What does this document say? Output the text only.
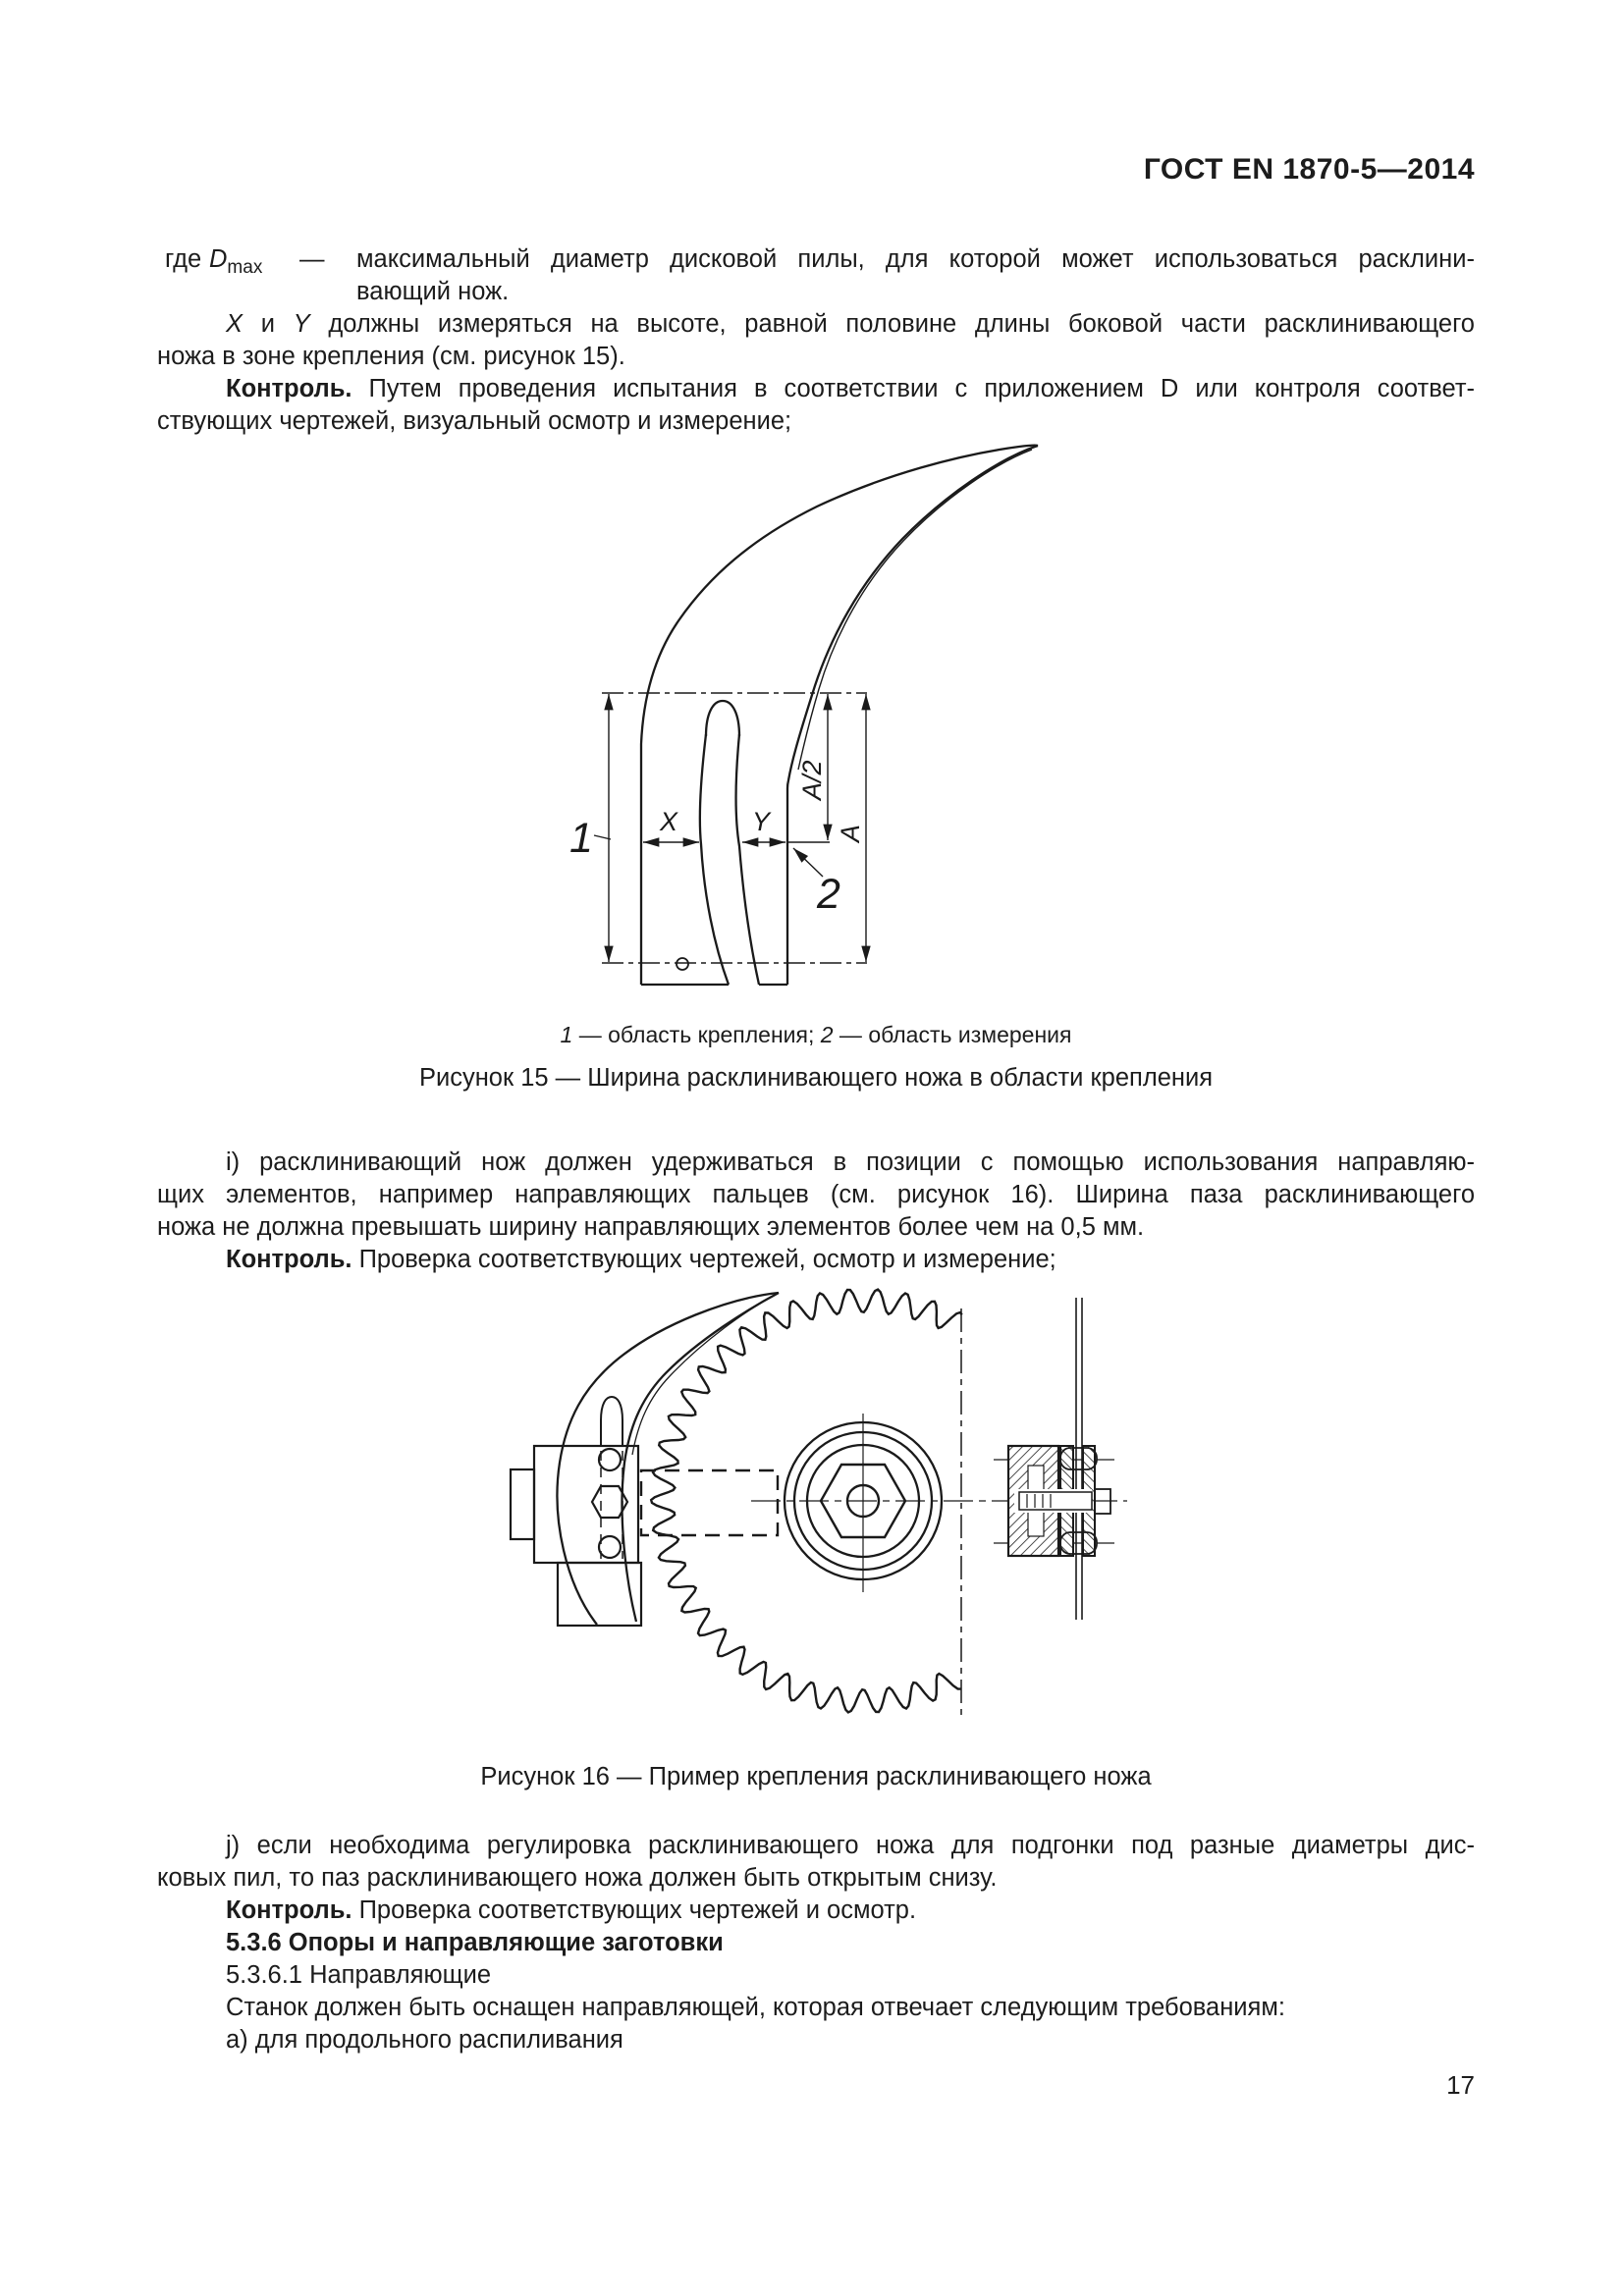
ГОСТ EN 1870-5—2014
где $D_{max}$ — максимальный диаметр дисковой пилы, для которой может использоваться расклини-
вающий нож.
X и Y должны измеряться на высоте, равной половине длины боковой части расклинивающего
ножа в зоне крепления (см. рисунок 15).
Контроль. Путем проведения испытания в соответствии с приложением D или контроля соответ-
ствующих чертежей, визуальный осмотр и измерение;
1	X	Y
A/2
A
2
1 — область крепления; 2 — область измерения
Рисунок 15 — Ширина расклинивающего ножа в области крепления
i) расклинивающий нож должен удерживаться в позиции с помощью использования направляю-
щих элементов, например направляющих пальцев (см. рисунок 16). Ширина паза расклинивающего
ножа не должна превышать ширину направляющих элементов более чем на 0,5 мм.
Контроль. Проверка соответствующих чертежей, осмотр и измерение;
Рисунок 16 — Пример крепления расклинивающего ножа
j) если необходима регулировка расклинивающего ножа для подгонки под разные диаметры дис-
ковых пил, то паз расклинивающего ножа должен быть открытым снизу.
Контроль. Проверка соответствующих чертежей и осмотр.
5.3.6 Опоры и направляющие заготовки
5.3.6.1 Направляющие
Станок должен быть оснащен направляющей, которая отвечает следующим требованиям:
а) для продольного распиливания
17
